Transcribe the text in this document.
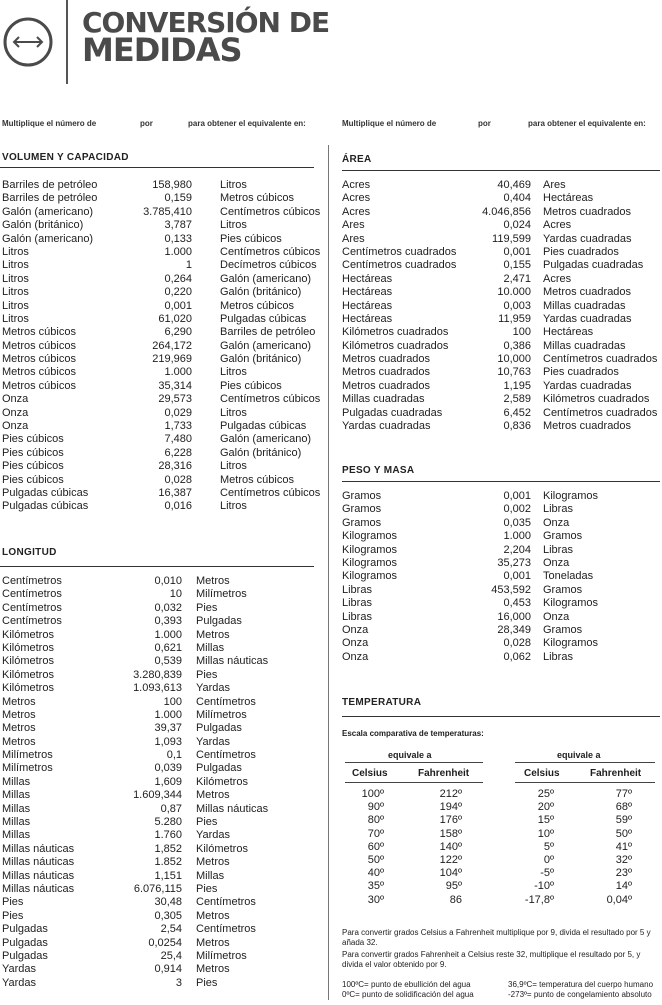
CONVERSIÓN DE
MEDIDAS
Multiplique el número de	por	para obtener el equivalente en:	Multiplique el número de	por	para obtener el equivalente en:
VOLUMEN Y CAPACIDAD
Barriles de petróleo	158,980	Litros
Barriles de petróleo	0,159	Metros cúbicos
Galón (americano)	3.785,410	Centímetros cúbicos
Galón (británico)	3,787	Litros
Galón (americano)	0,133	Pies cúbicos
Litros	1.000	Centímetros cúbicos
Litros	1	Decímetros cúbicos
Litros	0,264	Galón (americano)
Litros	0,220	Galón (británico)
Litros	0,001	Metros cúbicos
Litros	61,020	Pulgadas cúbicas
Metros cúbicos	6,290	Barriles de petróleo
Metros cúbicos	264,172	Galón (americano)
Metros cúbicos	219,969	Galón (británico)
Metros cúbicos	1.000	Litros
Metros cúbicos	35,314	Pies cúbicos
Onza	29,573	Centímetros cúbicos
Onza	0,029	Litros
Onza	1,733	Pulgadas cúbicas
Pies cúbicos	7,480	Galón (americano)
Pies cúbicos	6,228	Galón (británico)
Pies cúbicos	28,316	Litros
Pies cúbicos	0,028	Metros cúbicos
Pulgadas cúbicas	16,387	Centímetros cúbicos
Pulgadas cúbicas	0,016	Litros
LONGITUD
Centímetros	0,010 Metros
Centímetros	10 Milímetros
Centímetros	0,032 Pies
Centímetros	0,393 Pulgadas
Kilómetros	1.000 Metros
Kilómetros	0,621 Millas
Kilómetros	0,539 Millas náuticas
Kilómetros	3.280,839 Pies
Kilómetros	1.093,613 Yardas
Metros	100 Centímetros
Metros	1.000 Milímetros
Metros	39,37 Pulgadas
Metros	1,093 Yardas
Milímetros	0,1 Centímetros
Milímetros	0,039 Pulgadas
Millas	1,609 Kilómetros
Millas	1.609,344 Metros
Millas	0,87 Millas náuticas
Millas	5.280 Pies
Millas	1.760 Yardas
Millas náuticas	1,852 Kilómetros
Millas náuticas	1.852 Metros
Millas náuticas	1,151 Millas
Millas náuticas	6.076,115 Pies
Pies	30,48 Centímetros
Pies	0,305 Metros
Pulgadas	2,54 Centímetros
Pulgadas	0,0254 Metros
Pulgadas	25,4 Milímetros
Yardas	0,914 Metros
Yardas	3 Pies
ÁREA
Acres	40,469 Ares
Acres	0,404 Hectáreas
Acres	4.046,856 Metros cuadrados
Ares	0,024 Acres
Ares	119,599 Yardas cuadradas
Centímetros cuadrados	0,001 Pies cuadrados
Centímetros cuadrados	0,155 Pulgadas cuadradas
Hectáreas	2,471 Acres
Hectáreas	10.000 Metros cuadrados
Hectáreas	0,003 Millas cuadradas
Hectáreas	11,959 Yardas cuadradas
Kilómetros cuadrados	100 Hectáreas
Kilómetros cuadrados	0,386 Millas cuadradas
Metros cuadrados	10,000 Centímetros cuadrados
Metros cuadrados	10,763 Pies cuadrados
Metros cuadrados	1,195 Yardas cuadradas
Millas cuadradas	2,589 Kilómetros cuadrados
Pulgadas cuadradas	6,452 Centímetros cuadrados
Yardas cuadradas	0,836 Metros cuadrados
PESO Y MASA
Gramos	0,001 Kilogramos
Gramos	0,002 Libras
Gramos	0,035 Onza
Kilogramos	1.000 Gramos
Kilogramos	2,204 Libras
Kilogramos	35,273 Onza
Kilogramos	0,001 Toneladas
Libras	453,592 Gramos
Libras	0,453 Kilogramos
Libras	16,000 Onza
Onza	28,349 Gramos
Onza	0,028 Kilogramos
Onza	0,062 Libras
TEMPERATURA
Escala comparativa de temperaturas:
equivale a	equivale a
Celsius	Fahrenheit	Celsius	Fahrenheit
100º	212º
90º	194º
80º	176º
70º	158º
60º	140º
50º	122º
40º	104º
35º	95º
30º	86
25º	77º
20º	68º
15º	59º
10º	50º
5º	41º
0º	32º
-5º	23º
-10º	14º
-17,8º	0,04º
Para convertir grados Celsius a Fahrenheit multiplique por 9, divida el resultado por 5 y añada 32.
Para convertir grados Fahrenheit a Celsius reste 32, multiplique el resultado por 5, y divida el valor obtenido por 9.
100ºC= punto de ebullición del agua
0ºC= punto de solidificación del agua
36,9ºC= temperatura del cuerpo humano
-273º= punto de congelamiento absoluto
